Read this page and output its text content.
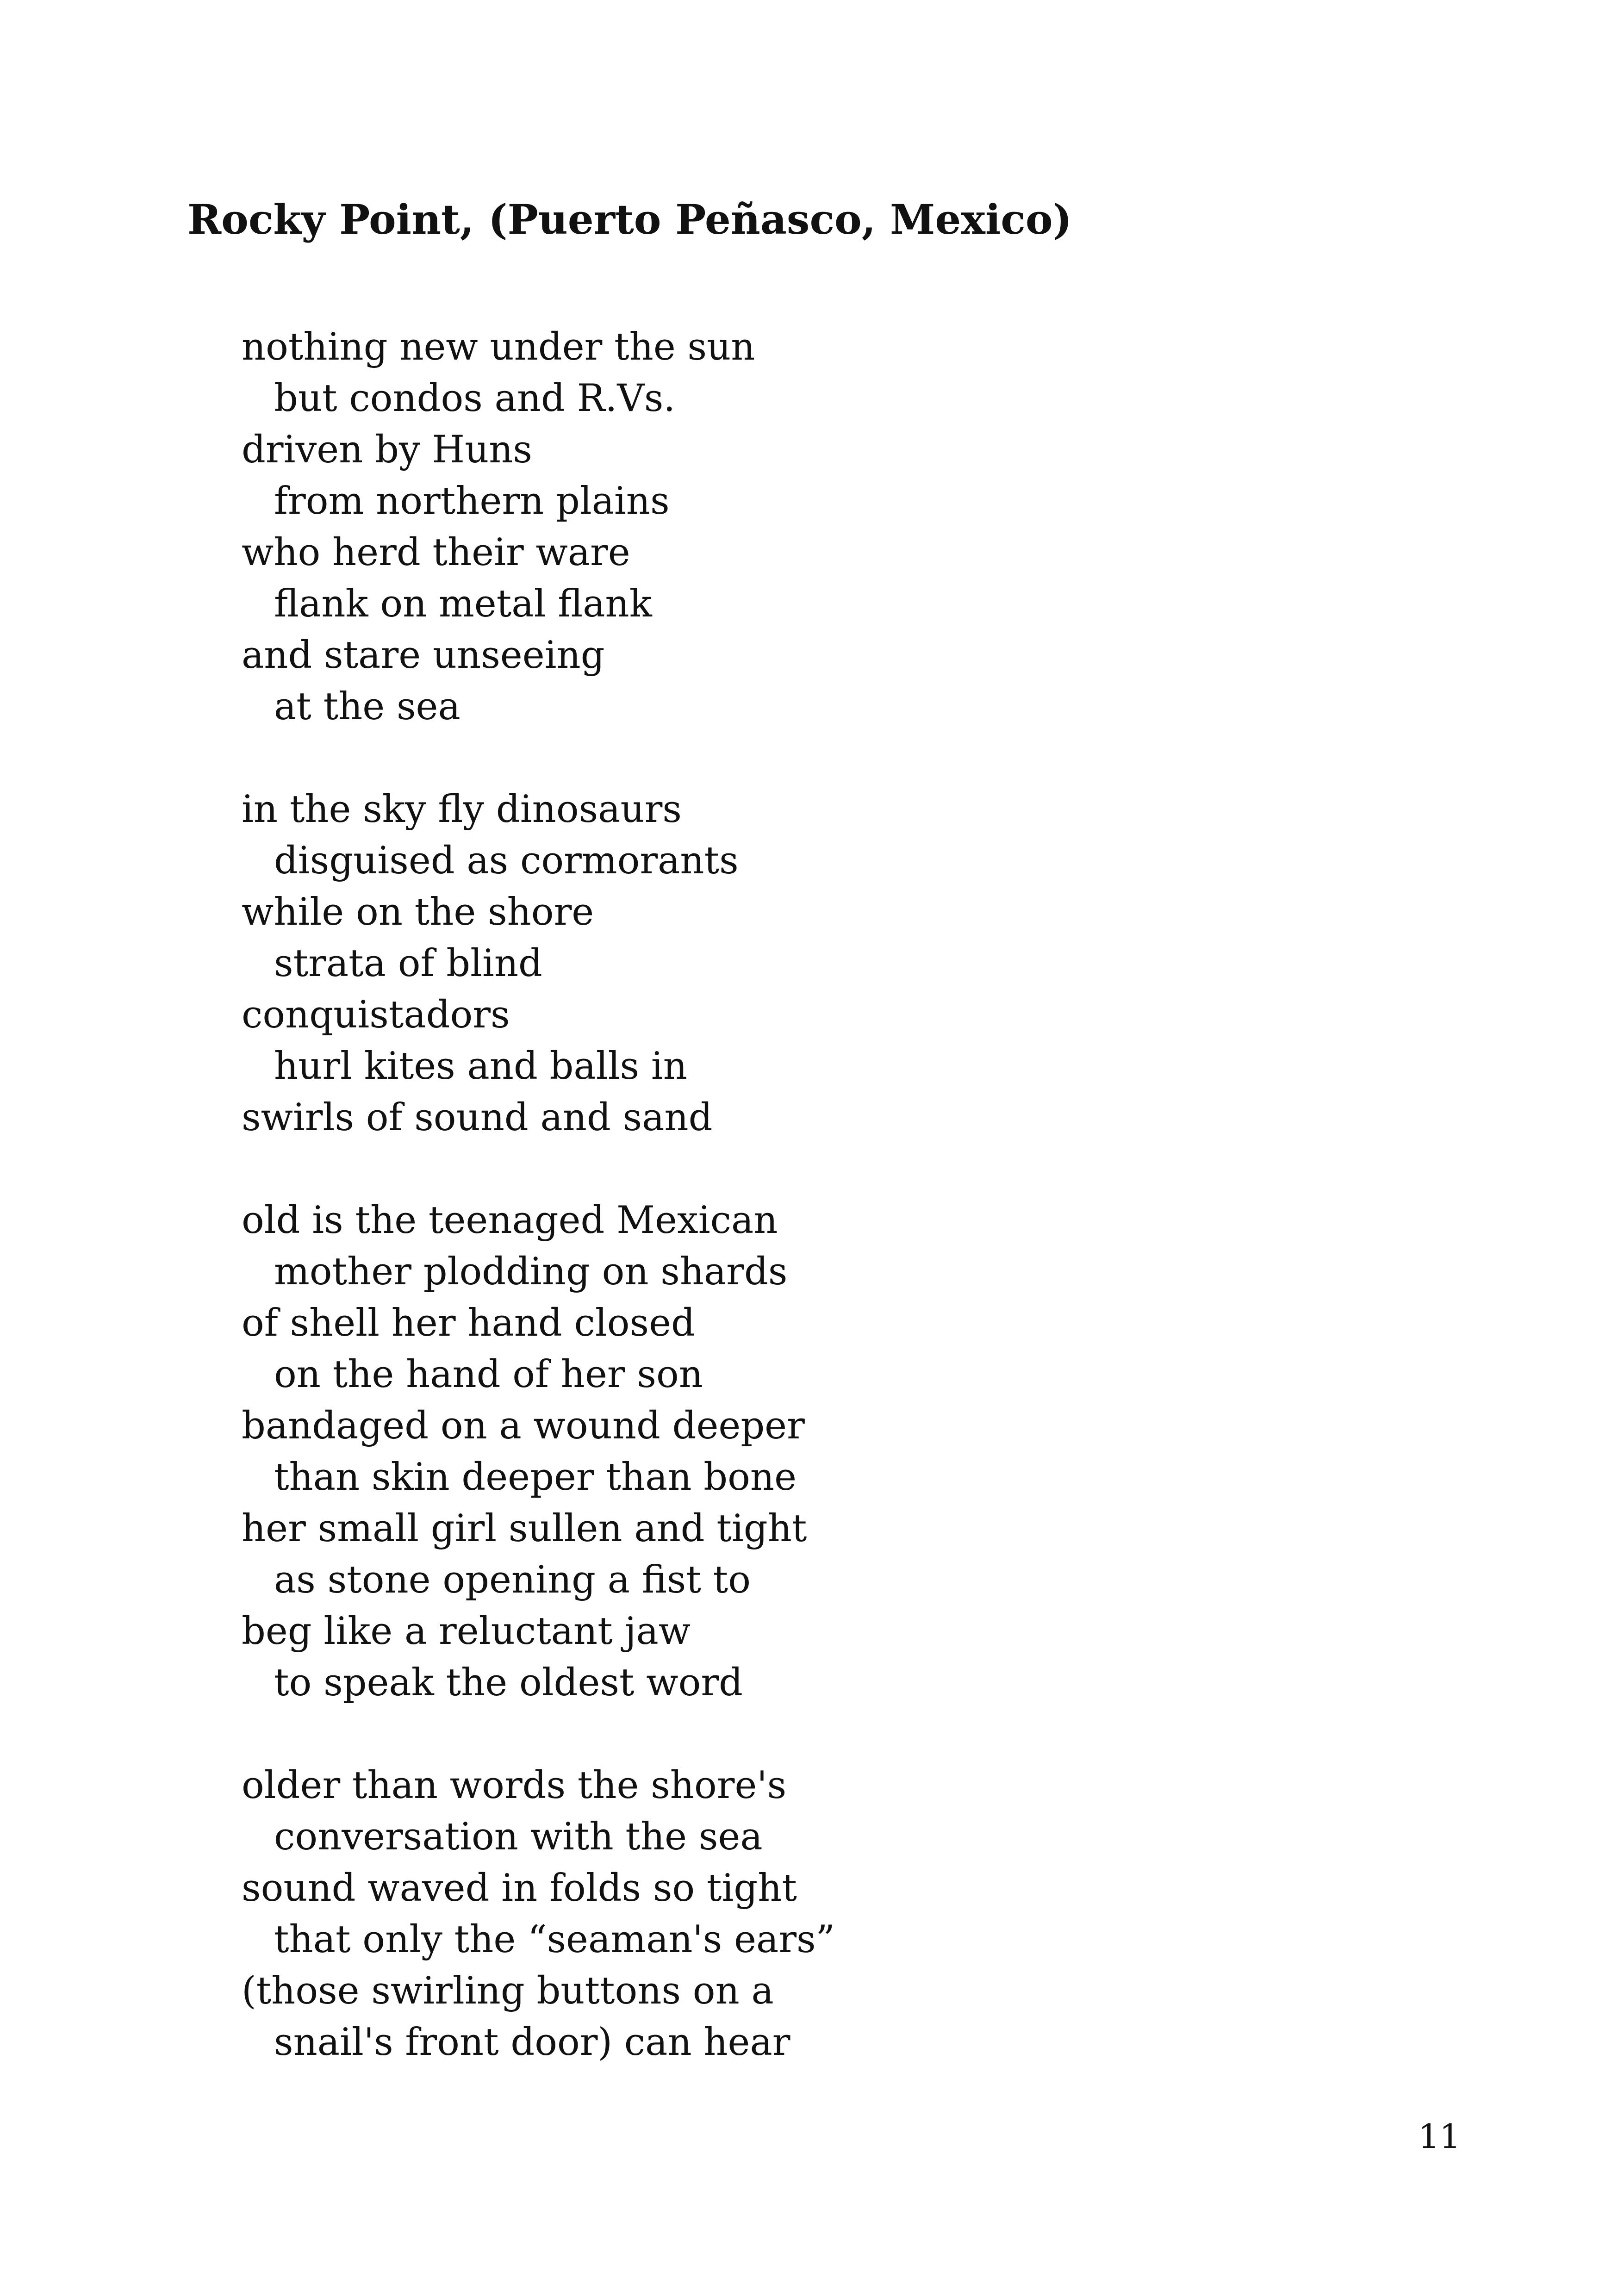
Rocky Point, (Puerto Peñasco, Mexico)
nothing new under the sun
but condos and R.Vs.
driven by Huns
from northern plains
who herd their ware
flank on metal flank
and stare unseeing
at the sea
in the sky fly dinosaurs
disguised as cormorants
while on the shore
strata of blind
conquistadors
hurl kites and balls in
swirls of sound and sand
old is the teenaged Mexican
mother plodding on shards
of shell her hand closed
on the hand of her son
bandaged on a wound deeper
than skin deeper than bone
her small girl sullen and tight
as stone opening a fist to
beg like a reluctant jaw
to speak the oldest word
older than words the shore's
conversation with the sea
sound waved in folds so tight
that only the “seaman's ears”
(those swirling buttons on a
snail's front door) can hear
11
